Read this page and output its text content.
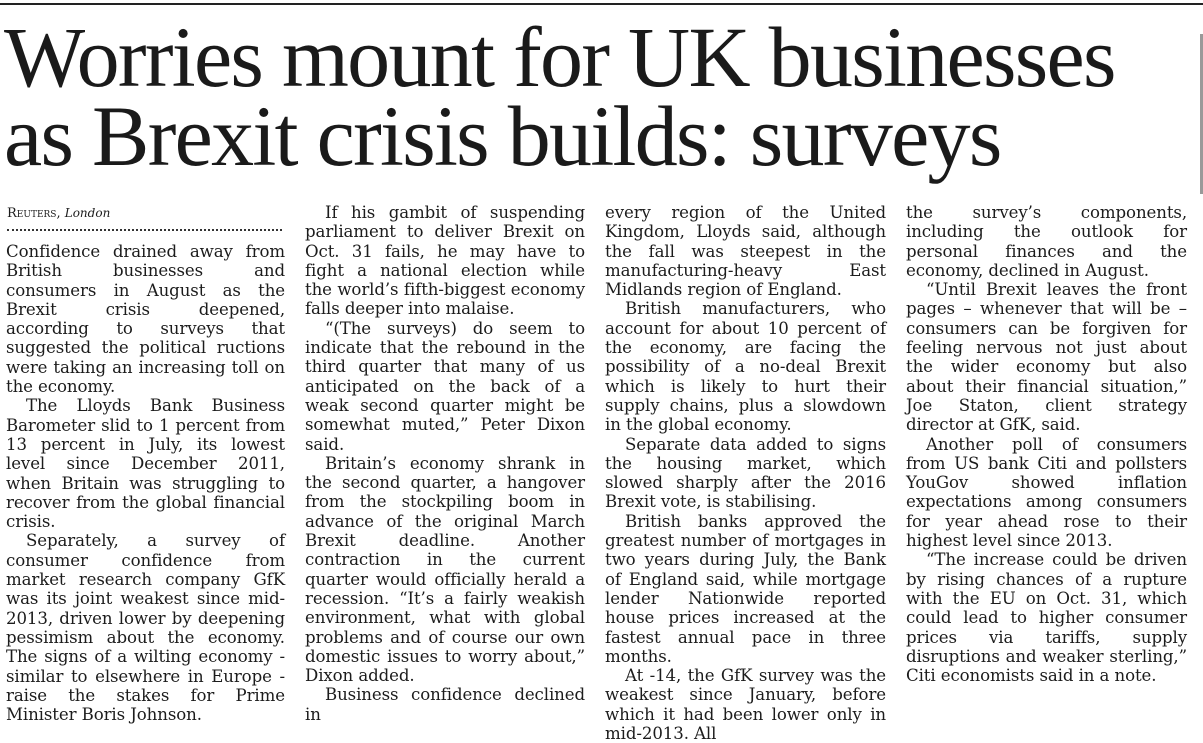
Worries mount for UK businesses as Brexit crisis builds: surveys
Reuters, London

Confidence drained away from British businesses and consumers in August as the Brexit crisis deepened, according to surveys that suggested the political ructions were taking an increasing toll on the economy.

The Lloyds Bank Business Barometer slid to 1 percent from 13 percent in July, its lowest level since December 2011, when Britain was struggling to recover from the global financial crisis.

Separately, a survey of consumer confidence from market research company GfK was its joint weakest since mid-2013, driven lower by deepening pessimism about the economy. The signs of a wilting economy - similar to elsewhere in Europe - raise the stakes for Prime Minister Boris Johnson.

If his gambit of suspending parliament to deliver Brexit on Oct. 31 fails, he may have to fight a national election while the world’s fifth-biggest economy falls deeper into malaise.

“(The surveys) do seem to indicate that the rebound in the third quarter that many of us anticipated on the back of a weak second quarter might be somewhat muted,” Peter Dixon said.

Britain’s economy shrank in the second quarter, a hangover from the stockpiling boom in advance of the original March Brexit deadline. Another contraction in the current quarter would officially herald a recession. “It’s a fairly weakish environment, what with global problems and of course our own domestic issues to worry about,” Dixon added.

Business confidence declined in

every region of the United Kingdom, Lloyds said, although the fall was steepest in the manufacturing-heavy East Midlands region of England.

British manufacturers, who account for about 10 percent of the economy, are facing the possibility of a no-deal Brexit which is likely to hurt their supply chains, plus a slowdown in the global economy.

Separate data added to signs the housing market, which slowed sharply after the 2016 Brexit vote, is stabilising.

British banks approved the greatest number of mortgages in two years during July, the Bank of England said, while mortgage lender Nationwide reported house prices increased at the fastest annual pace in three months.

At -14, the GfK survey was the weakest since January, before which it had been lower only in mid-2013. All

the survey’s components, including the outlook for personal finances and the economy, declined in August.

“Until Brexit leaves the front pages – whenever that will be – consumers can be forgiven for feeling nervous not just about the wider economy but also about their financial situation,” Joe Staton, client strategy director at GfK, said.

Another poll of consumers from US bank Citi and pollsters YouGov showed inflation expectations among consumers for year ahead rose to their highest level since 2013.

“The increase could be driven by rising chances of a rupture with the EU on Oct. 31, which could lead to higher consumer prices via tariffs, supply disruptions and weaker sterling,” Citi economists said in a note.
